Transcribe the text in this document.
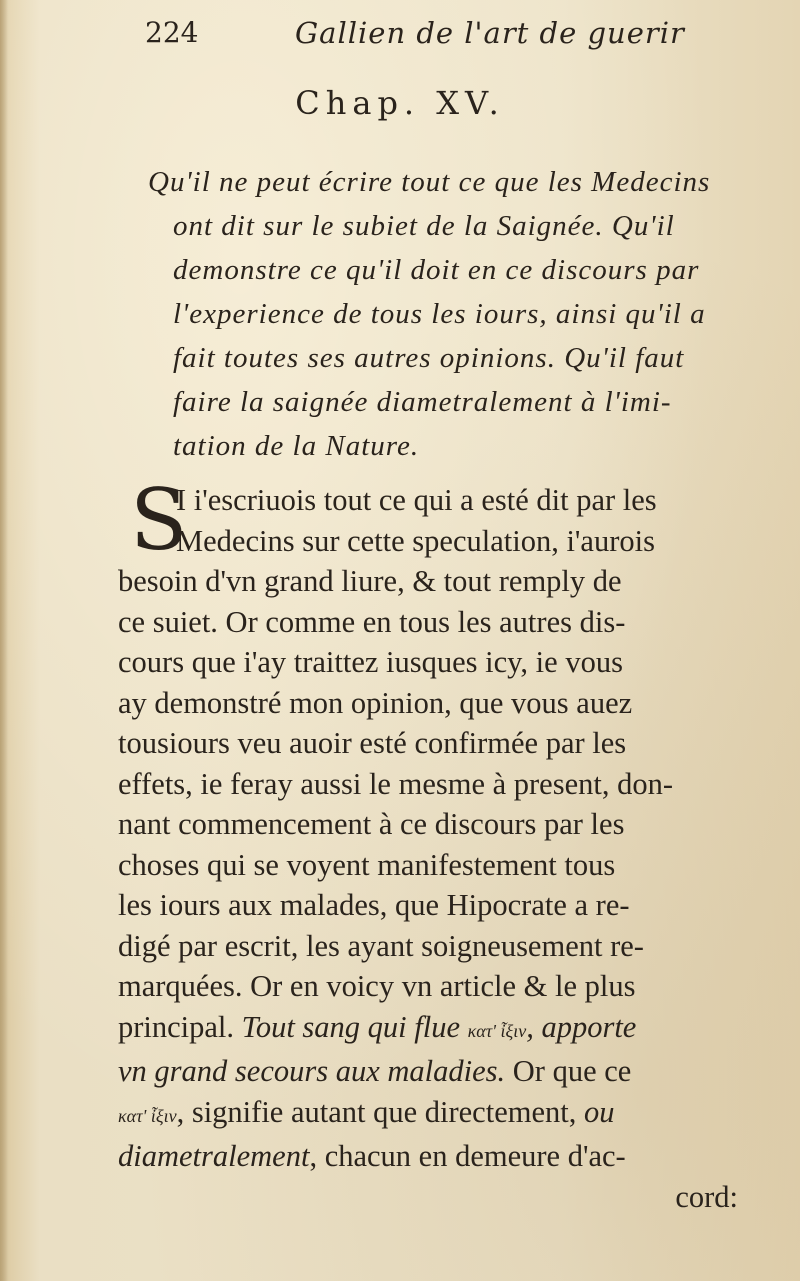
224	Gallien de l'art de guerir
Chap. XV.
Qu'il ne peut écrire tout ce que les Medecins
ont dit sur le subiet de la Saignée. Qu'il
demonstre ce qu'il doit en ce discours par
l'experience de tous les iours, ainsi qu'il a
fait toutes ses autres opinions. Qu'il faut
faire la saignée diametralement à l'imi-
tation de la Nature.
S
I i'escriuois tout ce qui a esté dit par les
Medecins sur cette speculation, i'aurois
besoin d'vn grand liure, & tout remply de
ce suiet. Or comme en tous les autres dis-
cours que i'ay traittez iusques icy, ie vous
ay demonstré mon opinion, que vous auez
tousiours veu auoir esté confirmée par les
effets, ie feray aussi le mesme à present, don-
nant commencement à ce discours par les
choses qui se voyent manifestement tous
les iours aux malades, que Hipocrate a re-
digé par escrit, les ayant soigneusement re-
marquées. Or en voicy vn article & le plus
principal. Tout sang qui flue κατ' ἶξιν, apporte
vn grand secours aux maladies. Or que ce
κατ' ἶξιν, signifie autant que directement, ou
diametralement, chacun en demeure d'ac-
cord:
